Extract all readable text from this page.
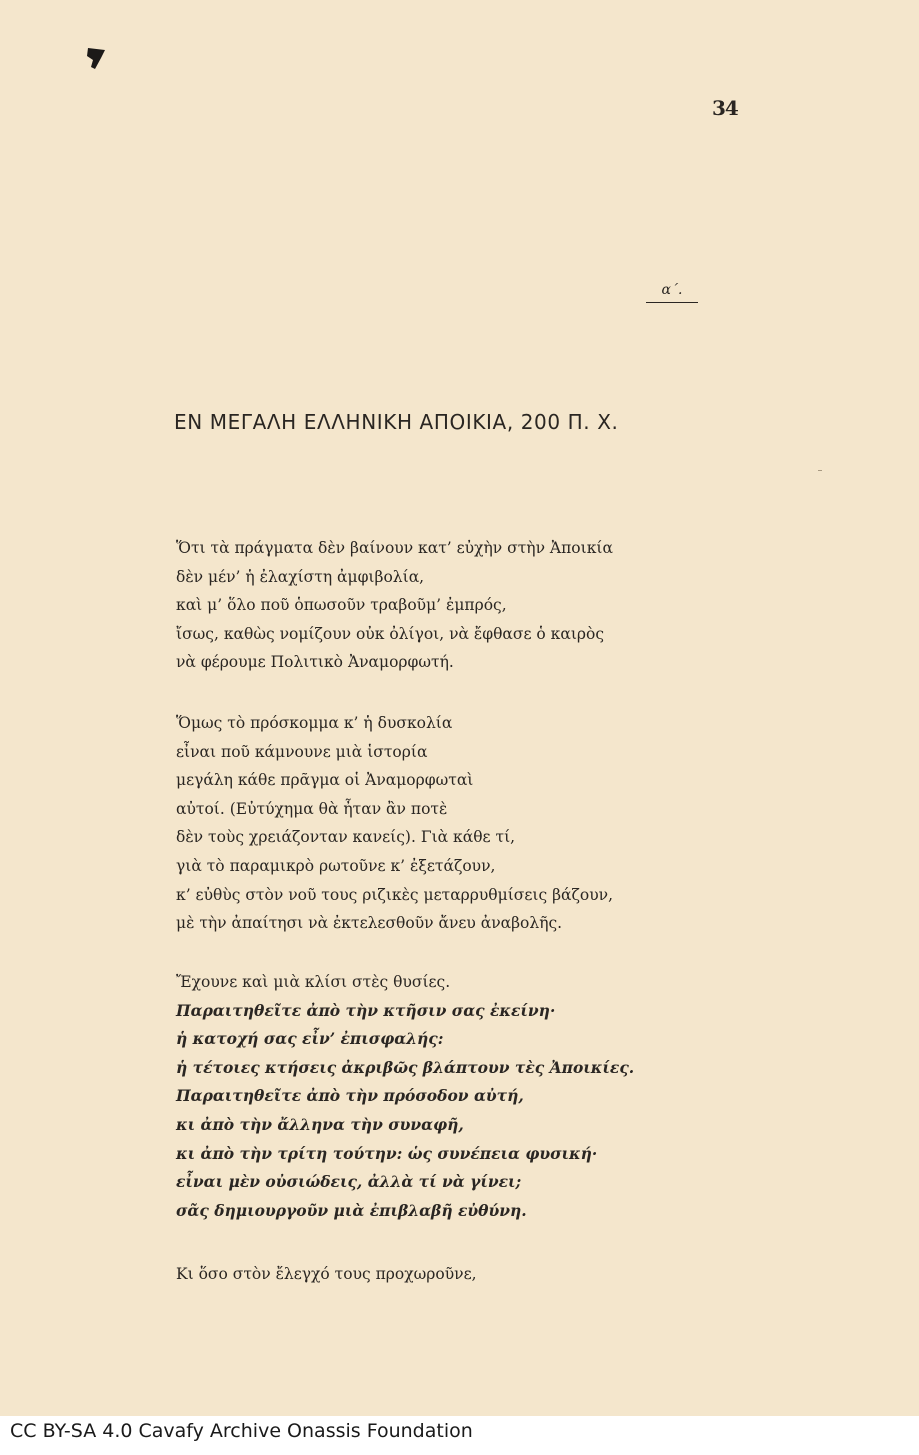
34
α΄.
ΕΝ ΜΕΓΑΛΗ ΕΛΛΗΝΙΚΗ ΑΠΟΙΚΙΑ, 200 Π. Χ.
Ὅτι τὰ πράγματα δὲν βαίνουν κατ’ εὐχὴν στὴν Ἀποικία
δὲν μέν’ ἡ ἐλαχίστη ἀμφιβολία,
καὶ μ’ ὅλο ποῦ ὁπωσοῦν τραβοῦμ’ ἐμπρός,
ἴσως, καθὼς νομίζουν οὐκ ὀλίγοι, νὰ ἔφθασε ὁ καιρὸς
νὰ φέρουμε Πολιτικὸ Ἀναμορφωτή.
Ὅμως τὸ πρόσκομμα κ’ ἡ δυσκολία
εἶναι ποῦ κάμνουνε μιὰ ἱστορία
μεγάλη κάθε πρᾶγμα οἱ Ἀναμορφωταὶ
αὐτοί. (Εὐτύχημα θὰ ἦταν ἂν ποτὲ
δὲν τοὺς χρειάζονταν κανείς). Γιὰ κάθε τί,
γιὰ τὸ παραμικρὸ ρωτοῦνε κ’ ἐξετάζουν,
κ’ εὐθὺς στὸν νοῦ τους ριζικὲς μεταρρυθμίσεις βάζουν,
μὲ τὴν ἀπαίτησι νὰ ἐκτελεσθοῦν ἄνευ ἀναβολῆς.
Ἔχουνε καὶ μιὰ κλίσι στὲς θυσίες.
Παραιτηθεῖτε ἀπὸ τὴν κτῆσιν σας ἐκείνη·
ἡ κατοχή σας εἶν’ ἐπισφαλής:
ἡ τέτοιες κτήσεις ἀκριβῶς βλάπτουν τὲς Ἀποικίες.
Παραιτηθεῖτε ἀπὸ τὴν πρόσοδον αὐτή,
κι ἀπὸ τὴν ἄλληνα τὴν συναφῆ,
κι ἀπὸ τὴν τρίτη τούτην: ὡς συνέπεια φυσική·
εἶναι μὲν οὐσιώδεις, ἀλλὰ τί νὰ γίνει;
σᾶς δημιουργοῦν μιὰ ἐπιβλαβῆ εὐθύνη.
Κι ὅσο στὸν ἔλεγχό τους προχωροῦνε,
CC BY-SA 4.0 Cavafy Archive Onassis Foundation
